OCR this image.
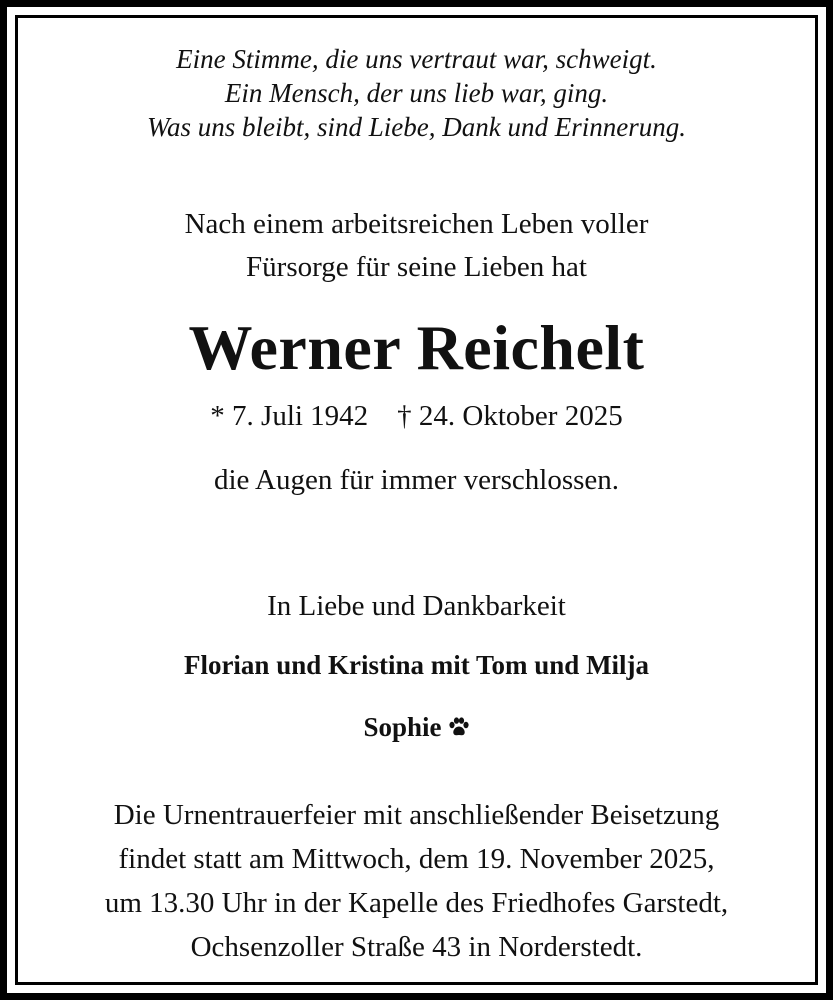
Eine Stimme, die uns vertraut war, schweigt.
Ein Mensch, der uns lieb war, ging.
Was uns bleibt, sind Liebe, Dank und Erinnerung.
Nach einem arbeitsreichen Leben voller
Fürsorge für seine Lieben hat
Werner Reichelt
* 7. Juli 1942    † 24. Oktober 2025
die Augen für immer verschlossen.
In Liebe und Dankbarkeit
Florian und Kristina mit Tom und Milja
Sophie
Die Urnentrauerfeier mit anschließender Beisetzung
findet statt am Mittwoch, dem 19. November 2025,
um 13.30 Uhr in der Kapelle des Friedhofes Garstedt,
Ochsenzoller Straße 43 in Norderstedt.
